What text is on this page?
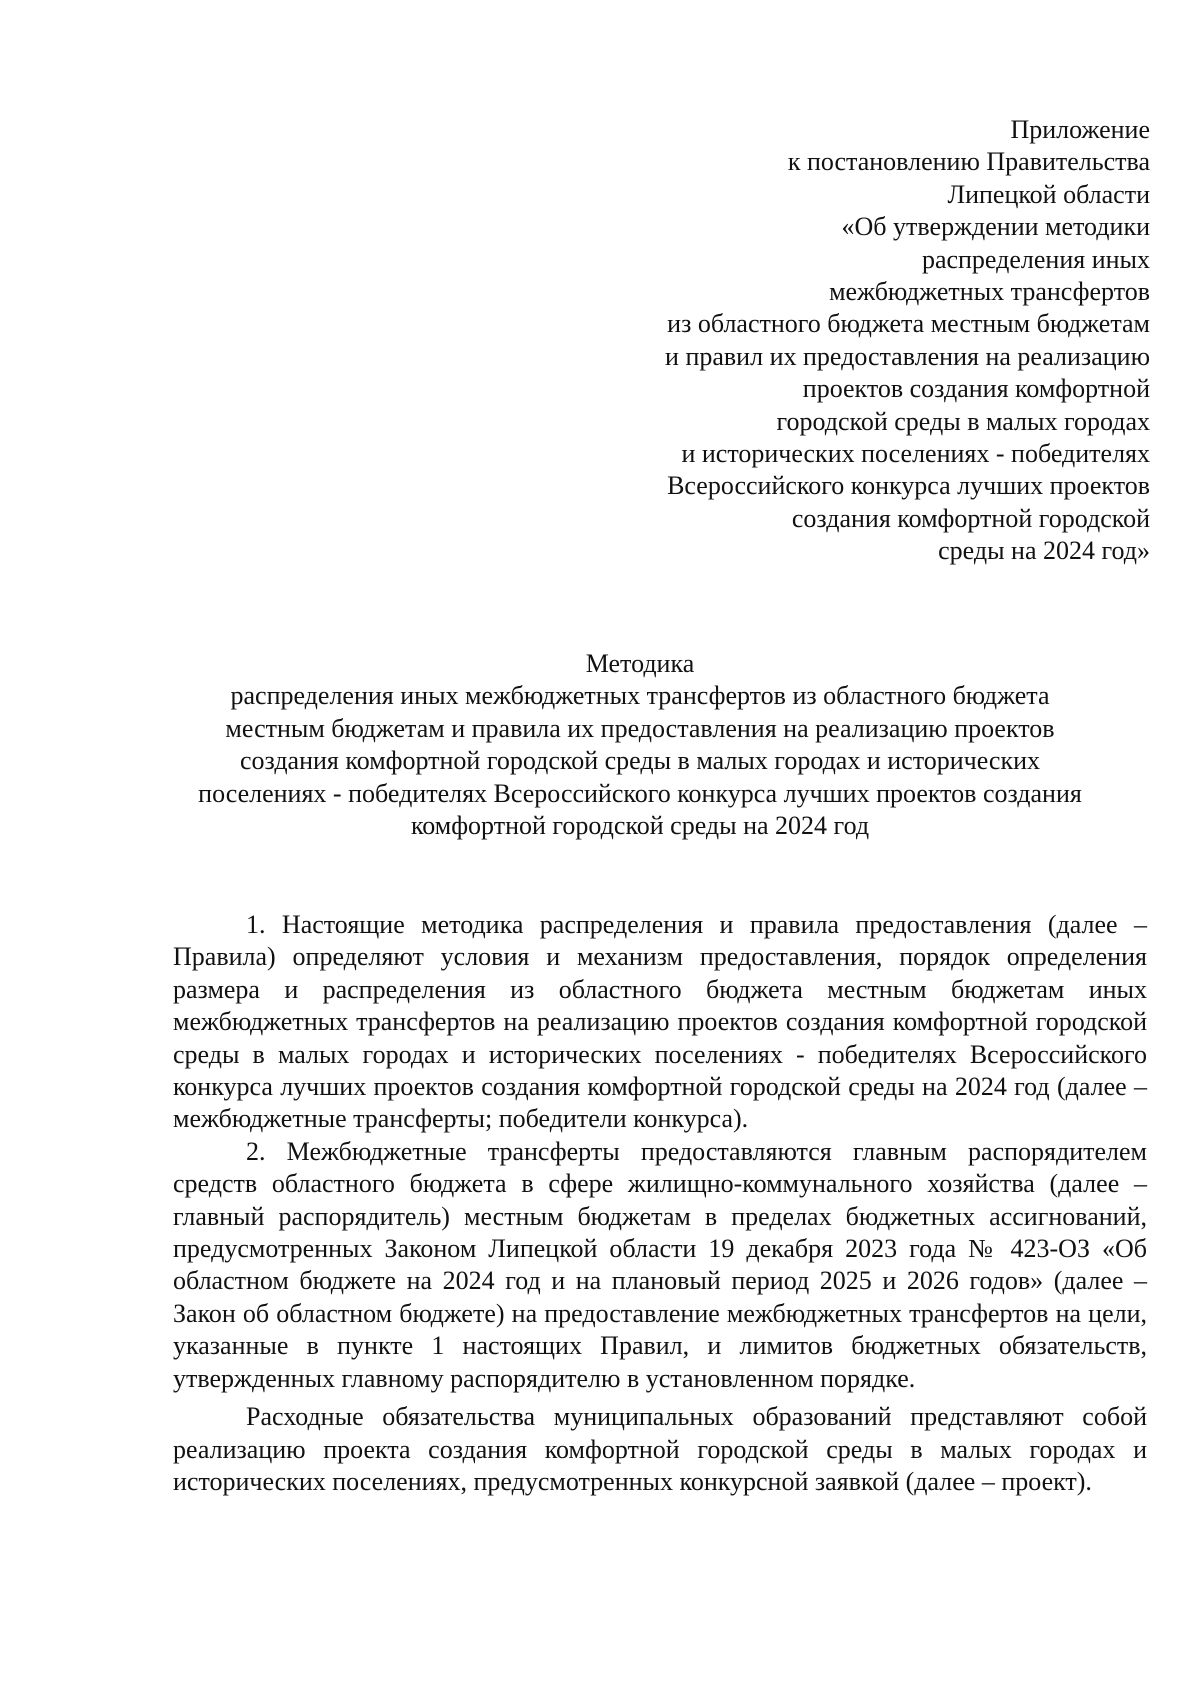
Приложение
к постановлению Правительства
Липецкой области
«Об утверждении методики
распределения иных
межбюджетных трансфертов
из областного бюджета местным бюджетам
и правил их предоставления на реализацию
проектов создания комфортной
городской среды в малых городах
и исторических поселениях - победителях
Всероссийского конкурса лучших проектов
создания комфортной городской
среды на 2024 год»
Методика
распределения иных межбюджетных трансфертов из областного бюджета
местным бюджетам и правила их предоставления на реализацию проектов
создания комфортной городской среды в малых городах и исторических
поселениях - победителях Всероссийского конкурса лучших проектов создания
комфортной городской среды на 2024 год

1. Настоящие методика распределения и правила предоставления (далее – Правила) определяют условия и механизм предоставления, порядок определения размера и распределения из областного бюджета местным бюджетам иных межбюджетных трансфертов на реализацию проектов создания комфортной городской среды в малых городах и исторических поселениях - победителях Всероссийского конкурса лучших проектов создания комфортной городской среды на 2024 год (далее – межбюджетные трансферты; победители конкурса).

2. Межбюджетные трансферты предоставляются главным распорядителем средств областного бюджета в сфере жилищно-коммунального хозяйства (далее – главный распорядитель) местным бюджетам в пределах бюджетных ассигнований, предусмотренных Законом Липецкой области 19 декабря 2023 года № 423-ОЗ «Об областном бюджете на 2024 год и на плановый период 2025 и 2026 годов» (далее – Закон об областном бюджете) на предоставление межбюджетных трансфертов на цели, указанные в пункте 1 настоящих Правил, и лимитов бюджетных обязательств, утвержденных главному распорядителю в установленном порядке.

Расходные обязательства муниципальных образований представляют собой реализацию проекта создания комфортной городской среды в малых городах и исторических поселениях, предусмотренных конкурсной заявкой (далее – проект).
